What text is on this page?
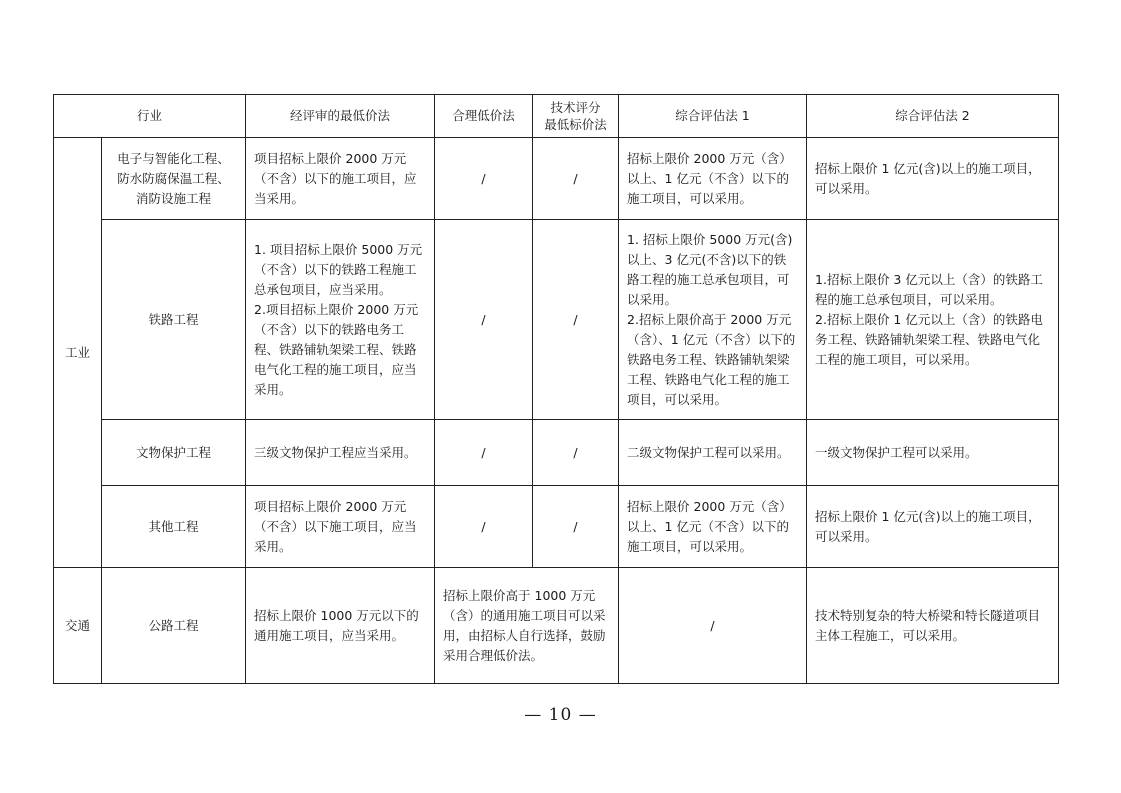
行业		经评审的最低价法	合理低价法	技术评分
最低标价法	综合评估法 1	综合评估法 2
工业	电子与智能化工程、
防水防腐保温工程、
消防设施工程	项目招标上限价 2000 万元（不含）以下的施工项目，应当采用。	/	/	招标上限价 2000 万元（含）以上、1 亿元（不含）以下的施工项目，可以采用。	招标上限价 1 亿元(含)以上的施工项目，可以采用。
	铁路工程	1. 项目招标上限价 5000 万元（不含）以下的铁路工程施工总承包项目，应当采用。
2.项目招标上限价 2000 万元（不含）以下的铁路电务工程、铁路铺轨架梁工程、铁路电气化工程的施工项目，应当采用。	/	/	1. 招标上限价 5000 万元(含)以上、3 亿元(不含)以下的铁路工程的施工总承包项目，可以采用。
2.招标上限价高于 2000 万元（含）、1 亿元（不含）以下的铁路电务工程、铁路铺轨架梁工程、铁路电气化工程的施工项目，可以采用。	1.招标上限价 3 亿元以上（含）的铁路工程的施工总承包项目，可以采用。
2.招标上限价 1 亿元以上（含）的铁路电务工程、铁路铺轨架梁工程、铁路电气化工程的施工项目，可以采用。
	文物保护工程	三级文物保护工程应当采用。	/	/	二级文物保护工程可以采用。	一级文物保护工程可以采用。
	其他工程	项目招标上限价 2000 万元（不含）以下施工项目，应当采用。	/	/	招标上限价 2000 万元（含）以上、1 亿元（不含）以下的施工项目，可以采用。	招标上限价 1 亿元(含)以上的施工项目，可以采用。
交通	公路工程	招标上限价 1000 万元以下的通用施工项目，应当采用。	招标上限价高于 1000 万元（含）的通用施工项目可以采用，由招标人自行选择，鼓励采用合理低价法。		/	技术特别复杂的特大桥梁和特长隧道项目主体工程施工，可以采用。
— 10 —
